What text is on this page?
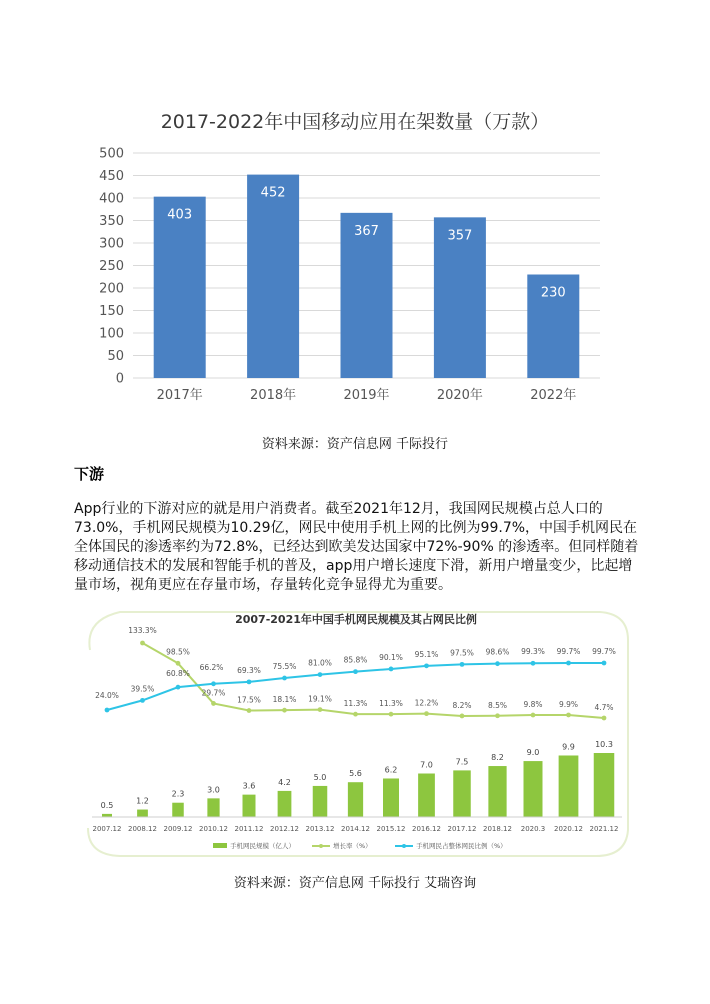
2017-2022年中国移动应用在架数量（万款）
0
50
100
150
200
250
300
350
400
450
500
403
2017年
452
2018年
367
2019年
357
2020年
230
2022年
资料来源：资产信息网 千际投行
下游
App行业的下游对应的就是用户消费者。截至2021年12月，我国网民规模占总人口的
73.0%，手机网民规模为10.29亿，网民中使用手机上网的比例为99.7%，中国手机网民在
全体国民的渗透率约为72.8%，已经达到欧美发达国家中72%-90% 的渗透率。但同样随着
移动通信技术的发展和智能手机的普及，app用户增长速度下滑，新用户增量变少，比起增
量市场，视角更应在存量市场，存量转化竞争显得尤为重要。
2007-2021年中国手机网民规模及其占网民比例
0.5	1.2
2.3	3.0	3.6	4.2
5.0	5.6	6.2
7.0	7.5	8.2
9.0
9.9	10.3
2007.12 2008.12 2009.12 2010.12 2011.12 2012.12 2013.12 2014.12 2015.12 2016.12 2017.12 2018.12 2020.3 2020.12 2021.12
133.3%
98.5%
29.7%
17.5% 18.1% 19.1%
11.3% 11.3% 12.2% 8.2% 8.5% 9.8% 9.9% 4.7%
24.0%
39.5%
60.8%
66.2% 69.3% 75.5% 81.0% 85.8% 90.1% 95.1% 97.5% 98.6% 99.3% 99.7% 99.7%
手机网民规模（亿人）	增长率（%）	手机网民占整体网民比例（%）
资料来源：资产信息网 千际投行 艾瑞咨询
